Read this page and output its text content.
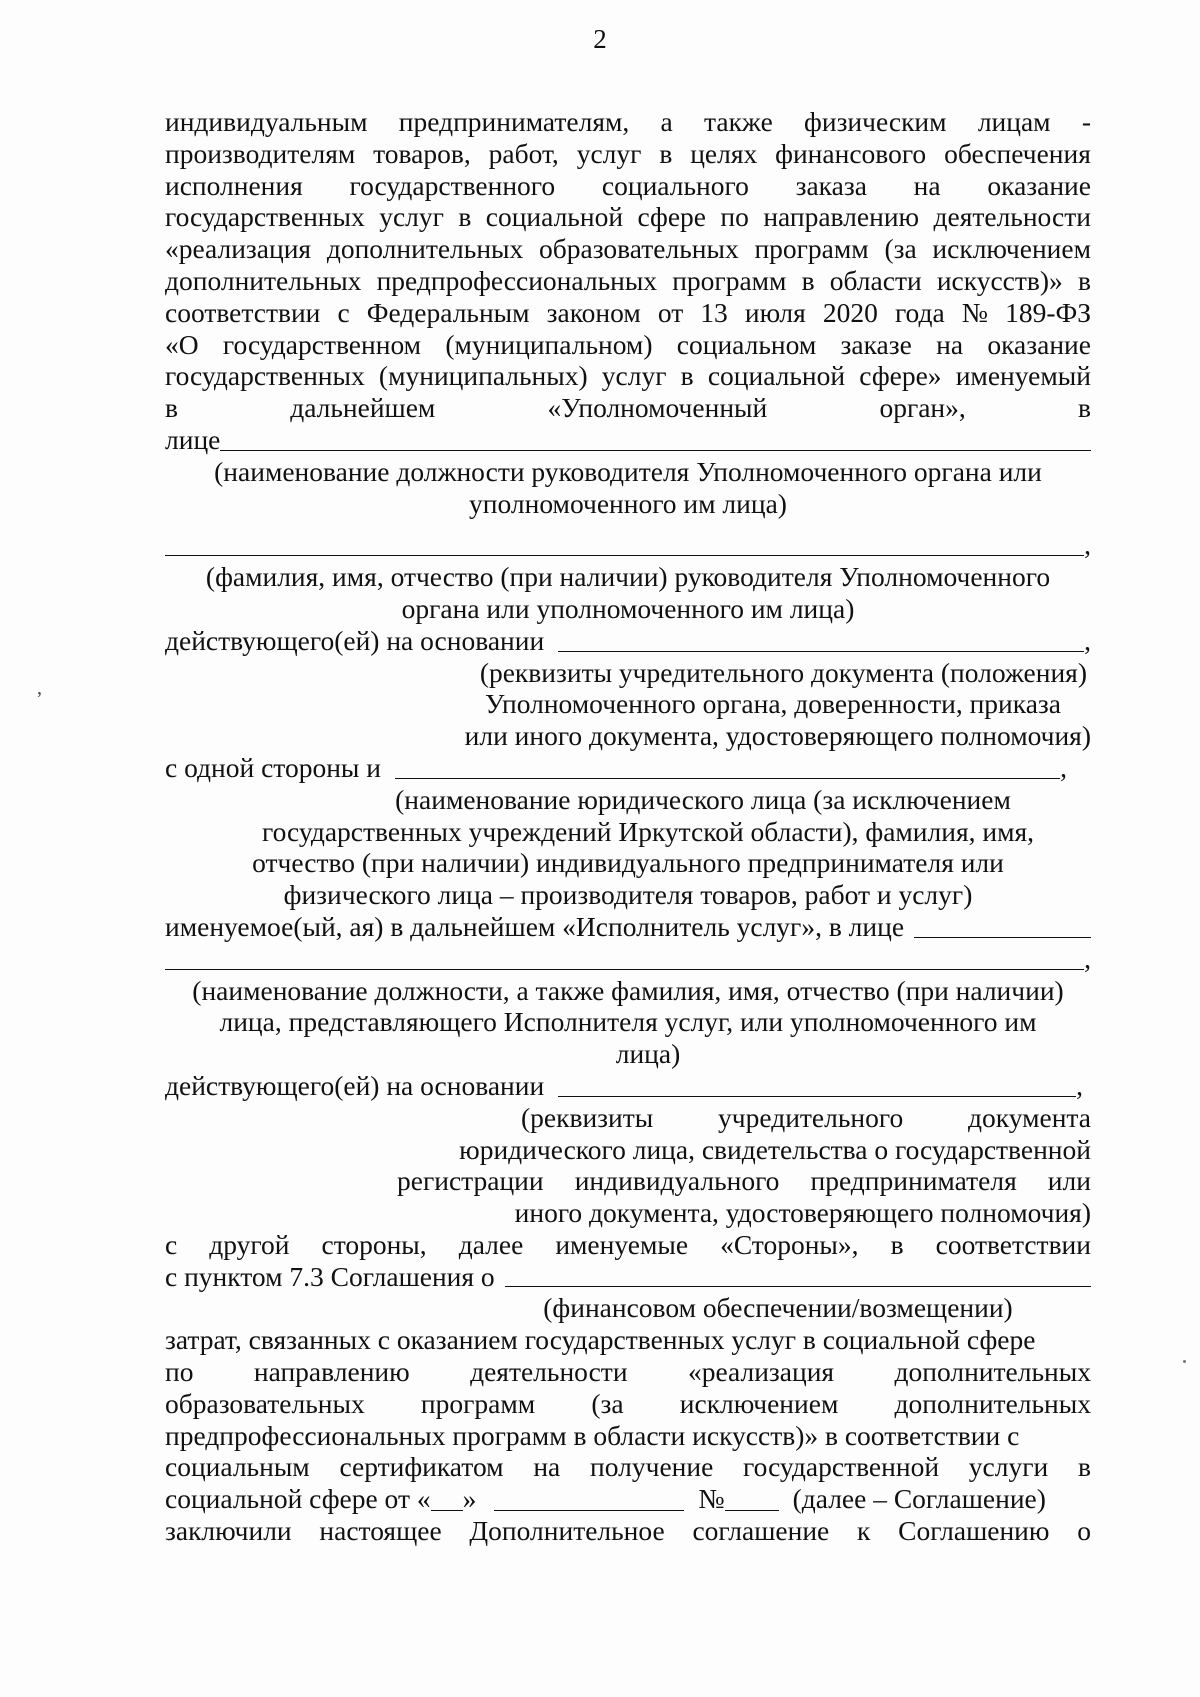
2
’
индивидуальным предпринимателям, а также физическим лицам -
производителям товаров, работ, услуг в целях финансового обеспечения
исполнения государственного социального заказа на оказание
государственных услуг в социальной сфере по направлению деятельности
«реализация дополнительных образовательных программ (за исключением
дополнительных предпрофессиональных программ в области искусств)» в
соответствии с Федеральным законом от 13 июля 2020 года № 189-ФЗ
«О государственном (муниципальном) социальном заказе на оказание
государственных (муниципальных) услуг в социальной сфере» именуемый
в	дальнейшем	«Уполномоченный	орган»,	в
лице
(наименование должности руководителя Уполномоченного органа или
уполномоченного им лица)
,
(фамилия, имя, отчество (при наличии) руководителя Уполномоченного
органа или уполномоченного им лица)
действующего(ей) на основании	,
(реквизиты учредительного документа (положения)
Уполномоченного органа, доверенности, приказа
или иного документа, удостоверяющего полномочия)
с одной стороны и	,
(наименование юридического лица (за исключением
государственных учреждений Иркутской области), фамилия, имя,
отчество (при наличии) индивидуального предпринимателя или
физического лица – производителя товаров, работ и услуг)
именуемое(ый, ая) в дальнейшем «Исполнитель услуг», в лице
,
(наименование должности, а также фамилия, имя, отчество (при наличии)
лица, представляющего Исполнителя услуг, или уполномоченного им
лица)
действующего(ей) на основании	,
(реквизиты учредительного документа
юридического лица, свидетельства о государственной
регистрации индивидуального предпринимателя или
иного документа, удостоверяющего полномочия)
с другой стороны, далее именуемые «Стороны», в соответствии
с пунктом 7.3 Соглашения о
(финансовом обеспечении/возмещении)
затрат, связанных с оказанием государственных услуг в социальной сфере
по направлению деятельности «реализация дополнительных
образовательных программ (за исключением дополнительных
предпрофессиональных программ в области искусств)» в соответствии с
социальным сертификатом на получение государственной услуги в
социальной сфере от « »	№ (далее – Соглашение)
заключили настоящее Дополнительное соглашение к Соглашению о
